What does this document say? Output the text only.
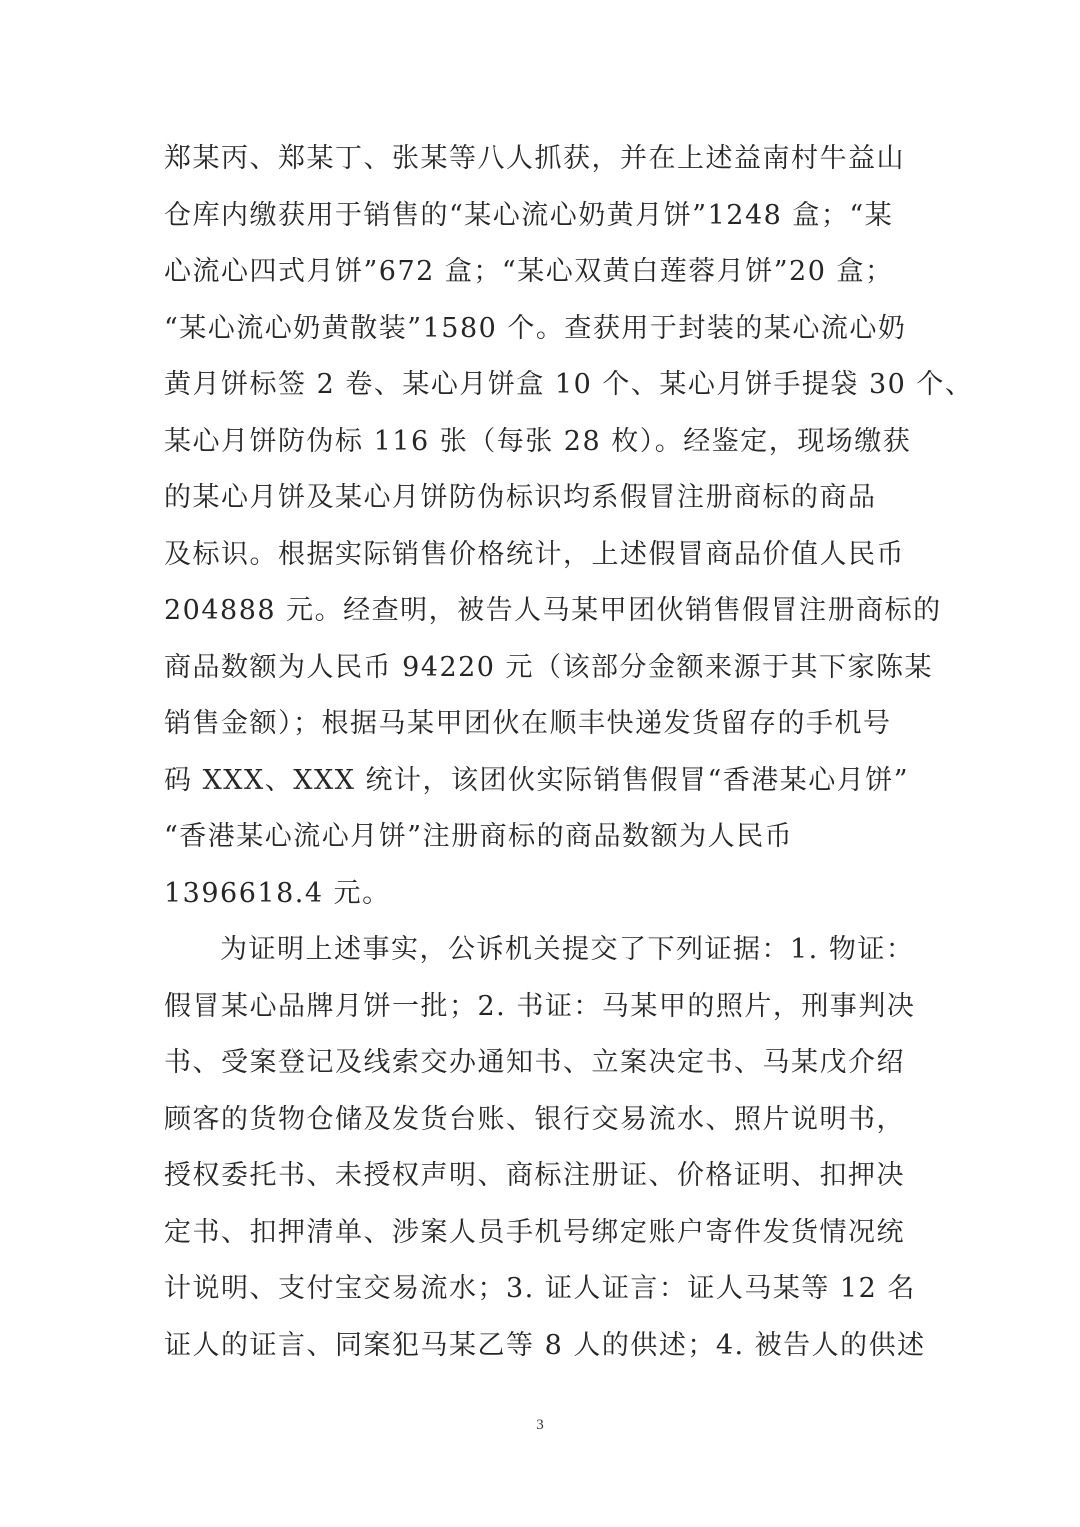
郑某丙、郑某丁、张某等八人抓获，并在上述益南村牛益山
仓库内缴获用于销售的“某心流心奶黄月饼”1248 盒；“某
心流心四式月饼”672 盒；“某心双黄白莲蓉月饼”20 盒；
“某心流心奶黄散装”1580 个。查获用于封装的某心流心奶
黄月饼标签 2 卷、某心月饼盒 10 个、某心月饼手提袋 30 个、
某心月饼防伪标 116 张（每张 28 枚）。经鉴定，现场缴获
的某心月饼及某心月饼防伪标识均系假冒注册商标的商品
及标识。根据实际销售价格统计，上述假冒商品价值人民币
204888 元。经查明，被告人马某甲团伙销售假冒注册商标的
商品数额为人民币 94220 元（该部分金额来源于其下家陈某
销售金额）；根据马某甲团伙在顺丰快递发货留存的手机号
码 XXX、XXX 统计，该团伙实际销售假冒“香港某心月饼”
“香港某心流心月饼”注册商标的商品数额为人民币
1396618.4 元。
为证明上述事实，公诉机关提交了下列证据：1. 物证：
假冒某心品牌月饼一批；2. 书证：马某甲的照片，刑事判决
书、受案登记及线索交办通知书、立案决定书、马某戊介绍
顾客的货物仓储及发货台账、银行交易流水、照片说明书，
授权委托书、未授权声明、商标注册证、价格证明、扣押决
定书、扣押清单、涉案人员手机号绑定账户寄件发货情况统
计说明、支付宝交易流水；3. 证人证言：证人马某等 12 名
证人的证言、同案犯马某乙等 8 人的供述；4. 被告人的供述
3
